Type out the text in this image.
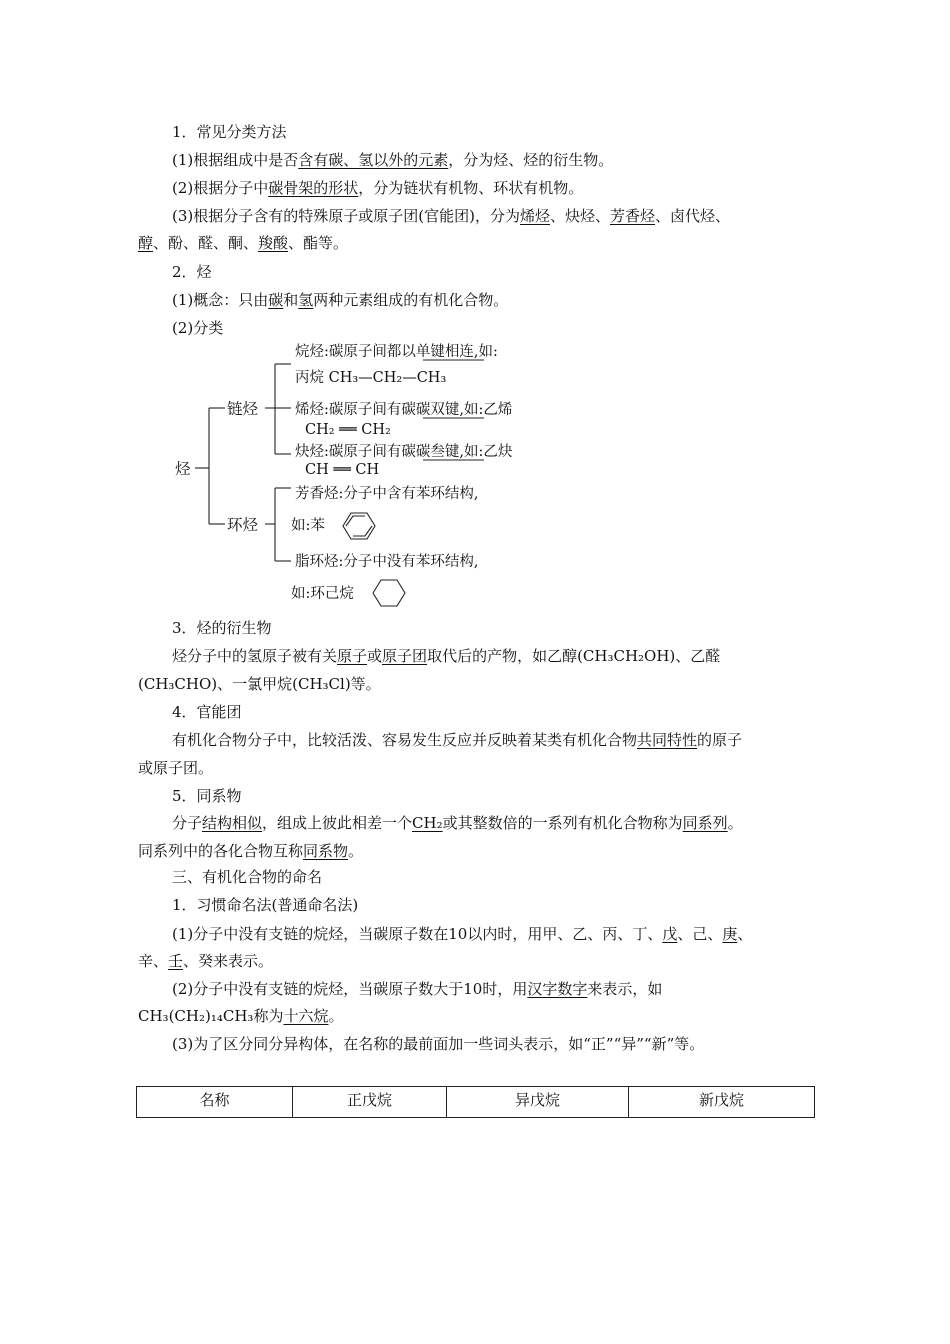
1．常见分类方法
(1)根据组成中是否含有碳、氢以外的元素，分为烃、烃的衍生物。
(2)根据分子中碳骨架的形状，分为链状有机物、环状有机物。
(3)根据分子含有的特殊原子或原子团(官能团)，分为烯烃、炔烃、芳香烃、卤代烃、
醇、酚、醛、酮、羧酸、酯等。
2．烃
(1)概念：只由碳和氢两种元素组成的有机化合物。
(2)分类
烃
链烃
环烃
烷烃:碳原子间都以单键相连,如:
丙烷 CH₃—CH₂—CH₃
烯烃:碳原子间有碳碳双键,如:乙烯
CH₂ ══ CH₂
炔烃:碳原子间有碳碳叁键,如:乙炔
CH ══ CH
芳香烃:分子中含有苯环结构,
如:苯
脂环烃:分子中没有苯环结构,
如:环己烷
3．烃的衍生物
烃分子中的氢原子被有关原子或原子团取代后的产物，如乙醇(CH₃CH₂OH)、乙醛
(CH₃CHO)、一氯甲烷(CH₃Cl)等。
4．官能团
有机化合物分子中，比较活泼、容易发生反应并反映着某类有机化合物共同特性的原子
或原子团。
5．同系物
分子结构相似，组成上彼此相差一个CH₂或其整数倍的一系列有机化合物称为同系列。
同系列中的各化合物互称同系物。
三、有机化合物的命名
1．习惯命名法(普通命名法)
(1)分子中没有支链的烷烃，当碳原子数在10以内时，用甲、乙、丙、丁、戊、己、庚、
辛、壬、癸来表示。
(2)分子中没有支链的烷烃，当碳原子数大于10时，用汉字数字来表示，如
CH₃(CH₂)₁₄CH₃称为十六烷。
(3)为了区分同分异构体，在名称的最前面加一些词头表示，如“正”“异”“新”等。
名称	正戊烷	异戊烷	新戊烷
